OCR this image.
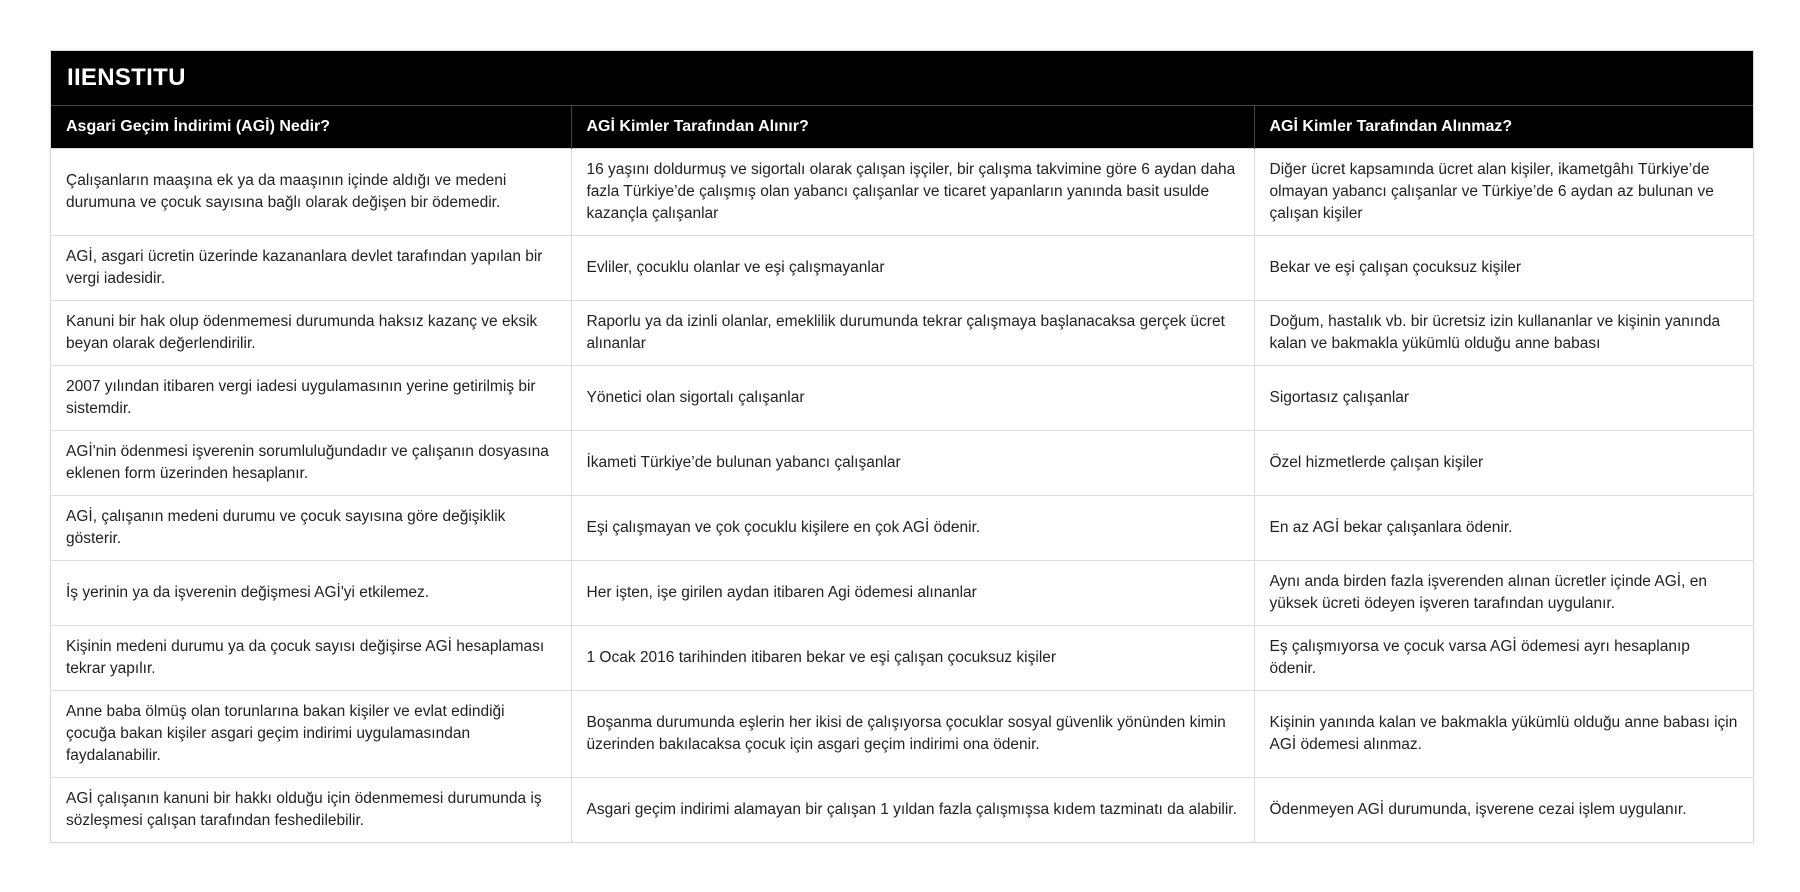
IIENSTITU
Asgari Geçim İndirimi (AGİ) Nedir?	AGİ Kimler Tarafından Alınır?	AGİ Kimler Tarafından Alınmaz?
Çalışanların maaşına ek ya da maaşının içinde aldığı ve medeni durumuna ve çocuk sayısına bağlı olarak değişen bir ödemedir.	16 yaşını doldurmuş ve sigortalı olarak çalışan işçiler, bir çalışma takvimine göre 6 aydan daha fazla Türkiye’de çalışmış olan yabancı çalışanlar ve ticaret yapanların yanında basit usulde kazançla çalışanlar	Diğer ücret kapsamında ücret alan kişiler, ikametgâhı Türkiye’de olmayan yabancı çalışanlar ve Türkiye’de 6 aydan az bulunan ve çalışan kişiler
AGİ, asgari ücretin üzerinde kazananlara devlet tarafından yapılan bir vergi iadesidir.	Evliler, çocuklu olanlar ve eşi çalışmayanlar	Bekar ve eşi çalışan çocuksuz kişiler
Kanuni bir hak olup ödenmemesi durumunda haksız kazanç ve eksik beyan olarak değerlendirilir.	Raporlu ya da izinli olanlar, emeklilik durumunda tekrar çalışmaya başlanacaksa gerçek ücret alınanlar	Doğum, hastalık vb. bir ücretsiz izin kullananlar ve kişinin yanında kalan ve bakmakla yükümlü olduğu anne babası
2007 yılından itibaren vergi iadesi uygulamasının yerine getirilmiş bir sistemdir.	Yönetici olan sigortalı çalışanlar	Sigortasız çalışanlar
AGİ'nin ödenmesi işverenin sorumluluğundadır ve çalışanın dosyasına eklenen form üzerinden hesaplanır.	İkameti Türkiye’de bulunan yabancı çalışanlar	Özel hizmetlerde çalışan kişiler
AGİ, çalışanın medeni durumu ve çocuk sayısına göre değişiklik gösterir.	Eşi çalışmayan ve çok çocuklu kişilere en çok AGİ ödenir.	En az AGİ bekar çalışanlara ödenir.
İş yerinin ya da işverenin değişmesi AGİ'yi etkilemez.	Her işten, işe girilen aydan itibaren Agi ödemesi alınanlar	Aynı anda birden fazla işverenden alınan ücretler içinde AGİ, en yüksek ücreti ödeyen işveren tarafından uygulanır.
Kişinin medeni durumu ya da çocuk sayısı değişirse AGİ hesaplaması tekrar yapılır.	1 Ocak 2016 tarihinden itibaren bekar ve eşi çalışan çocuksuz kişiler	Eş çalışmıyorsa ve çocuk varsa AGİ ödemesi ayrı hesaplanıp ödenir.
Anne baba ölmüş olan torunlarına bakan kişiler ve evlat edindiği çocuğa bakan kişiler asgari geçim indirimi uygulamasından faydalanabilir.	Boşanma durumunda eşlerin her ikisi de çalışıyorsa çocuklar sosyal güvenlik yönünden kimin üzerinden bakılacaksa çocuk için asgari geçim indirimi ona ödenir.	Kişinin yanında kalan ve bakmakla yükümlü olduğu anne babası için AGİ ödemesi alınmaz.
AGİ çalışanın kanuni bir hakkı olduğu için ödenmemesi durumunda iş sözleşmesi çalışan tarafından feshedilebilir.	Asgari geçim indirimi alamayan bir çalışan 1 yıldan fazla çalışmışsa kıdem tazminatı da alabilir.	Ödenmeyen AGİ durumunda, işverene cezai işlem uygulanır.
